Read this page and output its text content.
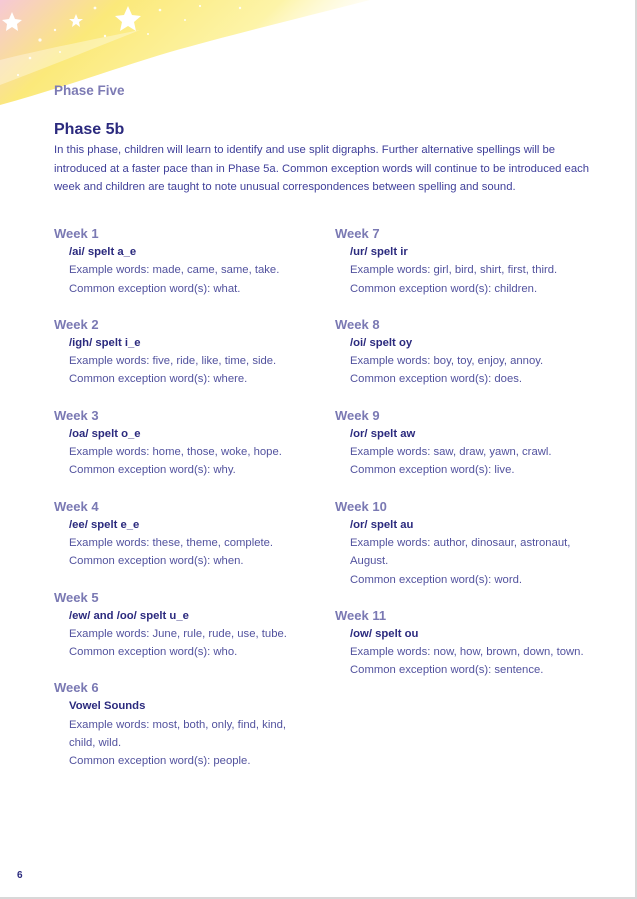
Phase Five
Phase 5b
In this phase, children will learn to identify and use split digraphs. Further alternative spellings will be introduced at a faster pace than in Phase 5a. Common exception words will continue to be introduced each week and children are taught to note unusual correspondences between spelling and sound.
Week 1
/ai/ spelt a_e
Example words: made, came, same, take.
Common exception word(s): what.
Week 2
/igh/ spelt i_e
Example words: five, ride, like, time, side.
Common exception word(s): where.
Week 3
/oa/ spelt o_e
Example words: home, those, woke, hope.
Common exception word(s): why.
Week 4
/ee/ spelt e_e
Example words: these, theme, complete.
Common exception word(s): when.
Week 5
/ew/ and /oo/ spelt u_e
Example words: June, rule, rude, use, tube.
Common exception word(s): who.
Week 6
Vowel Sounds
Example words: most, both, only, find, kind, child, wild.
Common exception word(s): people.
Week 7
/ur/ spelt ir
Example words: girl, bird, shirt, first, third.
Common exception word(s): children.
Week 8
/oi/ spelt oy
Example words: boy, toy, enjoy, annoy.
Common exception word(s): does.
Week 9
/or/ spelt aw
Example words: saw, draw, yawn, crawl.
Common exception word(s): live.
Week 10
/or/ spelt au
Example words: author, dinosaur, astronaut, August.
Common exception word(s): word.
Week 11
/ow/ spelt ou
Example words: now, how, brown, down, town.
Common exception word(s): sentence.
6
